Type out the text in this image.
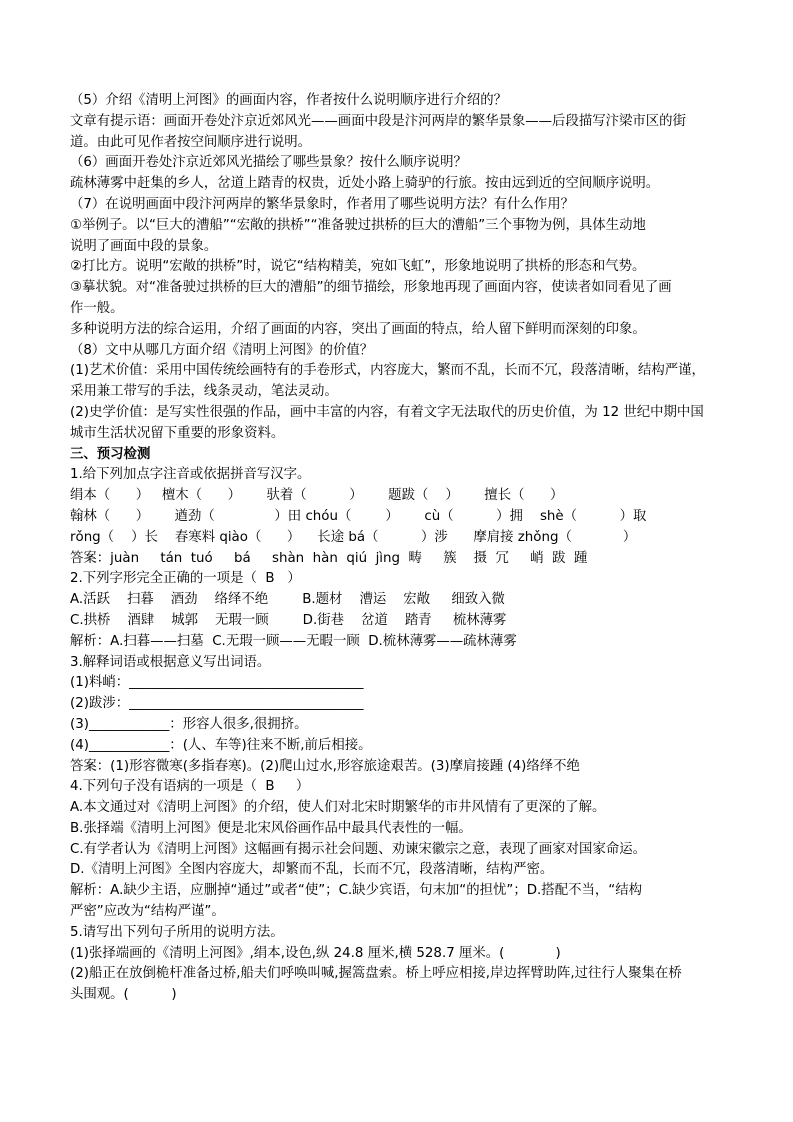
（5）介绍《清明上河图》的画面内容，作者按什么说明顺序进行介绍的？
文章有提示语：画面开卷处汴京近郊风光——画面中段是汴河两岸的繁华景象——后段描写汴梁市区的街
道。由此可见作者按空间顺序进行说明。
（6）画面开卷处汴京近郊风光描绘了哪些景象？按什么顺序说明？
疏林薄雾中赶集的乡人，岔道上踏青的权贵，近处小路上骑驴的行旅。按由远到近的空间顺序说明。
（7）在说明画面中段汴河两岸的繁华景象时，作者用了哪些说明方法？有什么作用？
①举例子。以“巨大的漕船”“宏敞的拱桥”“准备驶过拱桥的巨大的漕船”三个事物为例，具体生动地
说明了画面中段的景象。
②打比方。说明“宏敞的拱桥”时，说它“结构精美，宛如飞虹”，形象地说明了拱桥的形态和气势。
③摹状貌。对“准备驶过拱桥的巨大的漕船”的细节描绘，形象地再现了画面内容，使读者如同看见了画
作一般。
多种说明方法的综合运用，介绍了画面的内容，突出了画面的特点，给人留下鲜明而深刻的印象。
（8）文中从哪几方面介绍《清明上河图》的价值？
(1)艺术价值：采用中国传统绘画特有的手卷形式，内容庞大，繁而不乱，长而不冗，段落清晰，结构严谨，
采用兼工带写的手法，线条灵动，笔法灵动。
(2)史学价值：是写实性很强的作品，画中丰富的内容，有着文字无法取代的历史价值，为 12 世纪中期中国
城市生活状况留下重要的形象资料。
三、预习检测
1.给下列加点字注音或依据拼音写汉字。
绢本（      ）   檀木（      ）      驮着（          ）      题跋（    ）      擅长（      ）
翰林（      ）      遒劲（              ）田 chóu（        ）      cù（          ）拥    shè（          ）取
rǒng（    ）长    春寒料 qiào（      ）    长途 bá（          ）涉      摩肩接 zhǒng（            ）
答案：juàn     tán  tuó     bá     shàn  hàn  qiú  jìng  畴     簇    摄  冗     峭  跋  踵
2.下列字形完全正确的一项是（  B   ）
A.活跃    扫暮    酒劲    络绎不绝        B.题材    漕运    宏敞     细致入微
C.拱桥    酒肆    城郭    无瑕一顾        D.街巷    岔道    踏青     梳林薄雾
解析：A.扫暮——扫墓  C.无瑕一顾——无暇一顾  D.梳林薄雾——疏林薄雾
3.解释词语或根据意义写出词语。
(1)料峭：___________________________________
(2)跋涉：___________________________________
(3)____________：形容人很多,很拥挤。
(4)____________：(人、车等)往来不断,前后相接。
答案：(1)形容微寒(多指春寒)。(2)爬山过水,形容旅途艰苦。(3)摩肩接踵 (4)络绎不绝
4.下列句子没有语病的一项是（  B     ）
A.本文通过对《清明上河图》的介绍，使人们对北宋时期繁华的市井风情有了更深的了解。
B.张择端《清明上河图》便是北宋风俗画作品中最具代表性的一幅。
C.有学者认为《清明上河图》这幅画有揭示社会问题、劝谏宋徽宗之意，表现了画家对国家命运。
D.《清明上河图》全图内容庞大，却繁而不乱，长而不冗，段落清晰，结构严密。
解析：A.缺少主语，应删掉“通过”或者“使”；C.缺少宾语，句末加“的担忧”；D.搭配不当，“结构
严密”应改为“结构严谨”。
5.请写出下列句子所用的说明方法。
(1)张择端画的《清明上河图》,绢本,设色,纵 24.8 厘米,横 528.7 厘米。(            )
(2)船正在放倒桅杆准备过桥,船夫们呼唤叫喊,握篙盘索。桥上呼应相接,岸边挥臂助阵,过往行人聚集在桥
头围观。(          )
